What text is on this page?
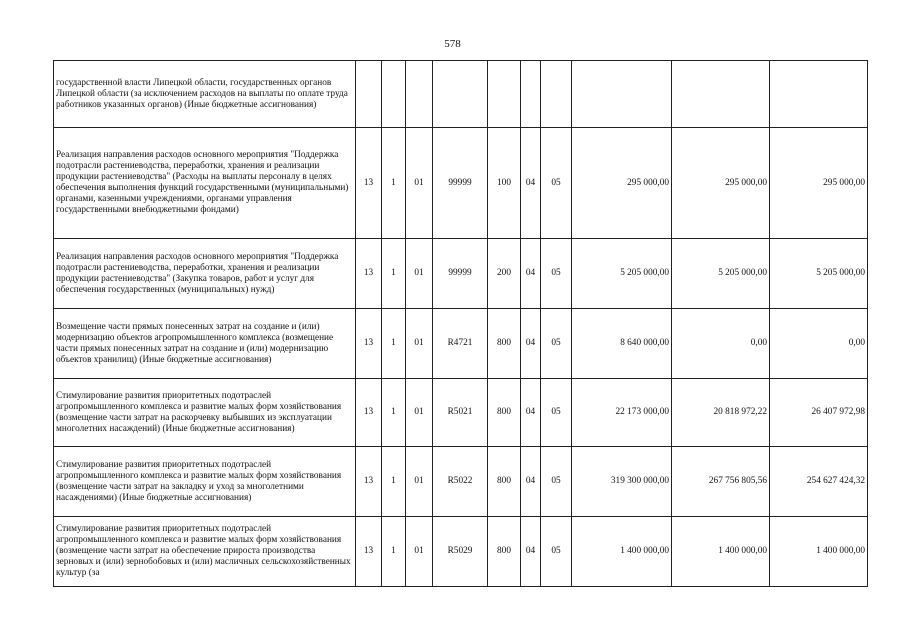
578
государственной власти Липецкой области, государственных органов Липецкой области (за исключением расходов на выплаты по оплате труда работников указанных органов) (Иные бюджетные ассигнования)										
Реализация направления расходов основного мероприятия "Поддержка подотрасли растениеводства, переработки, хранения и реализации продукции растениеводства" (Расходы на выплаты персоналу в целях обеспечения выполнения функций государственными (муниципальными) органами, казенными учреждениями, органами управления государственными внебюджетными фондами)	13	1	01	99999	100	04	05	295 000,00	295 000,00	295 000,00
Реализация направления расходов основного мероприятия "Поддержка подотрасли растениеводства, переработки, хранения и реализации продукции растениеводства" (Закупка товаров, работ и услуг для обеспечения государственных (муниципальных) нужд)	13	1	01	99999	200	04	05	5 205 000,00	5 205 000,00	5 205 000,00
Возмещение части прямых понесенных затрат на создание и (или) модернизацию объектов агропромышленного комплекса (возмещение части прямых понесенных затрат на создание и (или) модернизацию объектов хранилищ) (Иные бюджетные ассигнования)	13	1	01	R4721	800	04	05	8 640 000,00	0,00	0,00
Стимулирование развития приоритетных подотраслей агропромышленного комплекса и развитие малых форм хозяйствования (возмещение части затрат на раскорчевку выбывших из эксплуатации многолетних насаждений) (Иные бюджетные ассигнования)	13	1	01	R5021	800	04	05	22 173 000,00	20 818 972,22	26 407 972,98
Стимулирование развития приоритетных подотраслей агропромышленного комплекса и развитие малых форм хозяйствования (возмещение части затрат на закладку и уход за многолетними насаждениями) (Иные бюджетные ассигнования)	13	1	01	R5022	800	04	05	319 300 000,00	267 756 805,56	254 627 424,32
Стимулирование развития приоритетных подотраслей агропромышленного комплекса и развитие малых форм хозяйствования (возмещение части затрат на обеспечение прироста производства зерновых и (или) зернобобовых и (или) масличных сельскохозяйственных культур (за	13	1	01	R5029	800	04	05	1 400 000,00	1 400 000,00	1 400 000,00
